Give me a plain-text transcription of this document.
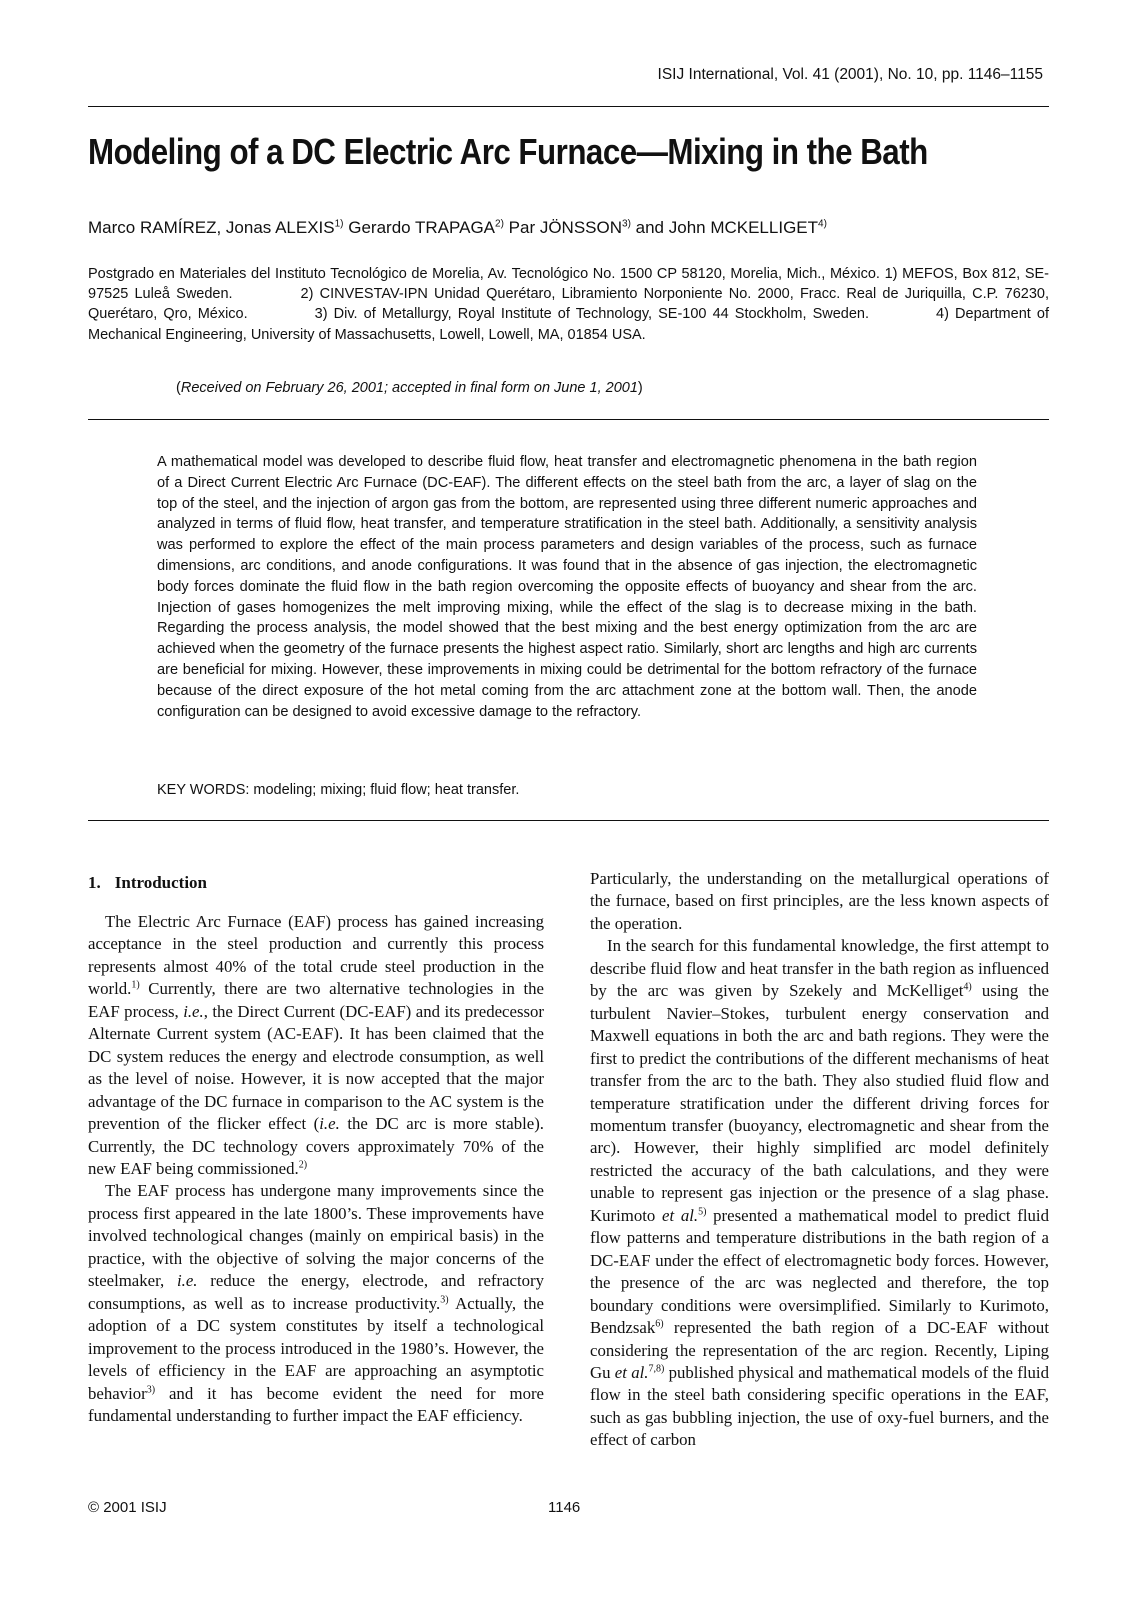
ISIJ International, Vol. 41 (2001), No. 10, pp. 1146–1155
Modeling of a DC Electric Arc Furnace—Mixing in the Bath
Marco RAMÍREZ, Jonas ALEXIS$^{1)}$ Gerardo TRAPAGA$^{2)}$ Par JÖNSSON$^{3)}$ and John MCKELLIGET$^{4)}$
Postgrado en Materiales del Instituto Tecnológico de Morelia, Av. Tecnológico No. 1500 CP 58120, Morelia, Mich., México. 1) MEFOS, Box 812, SE-97525 Luleå Sweden.	2) CINVESTAV-IPN Unidad Querétaro, Libramiento Norponiente No. 2000, Fracc. Real de Juriquilla, C.P. 76230, Querétaro, Qro, México.	3) Div. of Metallurgy, Royal Institute of Technology, SE-100 44 Stockholm, Sweden.	4) Department of Mechanical Engineering, University of Massachusetts, Lowell, Lowell, MA, 01854 USA.
(Received on February 26, 2001; accepted in final form on June 1, 2001)
A mathematical model was developed to describe fluid flow, heat transfer and electromagnetic phenomena in the bath region of a Direct Current Electric Arc Furnace (DC-EAF). The different effects on the steel bath from the arc, a layer of slag on the top of the steel, and the injection of argon gas from the bottom, are represented using three different numeric approaches and analyzed in terms of fluid flow, heat transfer, and temperature stratification in the steel bath. Additionally, a sensitivity analysis was performed to explore the effect of the main process parameters and design variables of the process, such as furnace dimensions, arc conditions, and anode configurations. It was found that in the absence of gas injection, the electromagnetic body forces dominate the fluid flow in the bath region overcoming the opposite effects of buoyancy and shear from the arc. Injection of gases homogenizes the melt improving mixing, while the effect of the slag is to decrease mixing in the bath. Regarding the process analysis, the model showed that the best mixing and the best energy optimization from the arc are achieved when the geometry of the furnace presents the highest aspect ratio. Similarly, short arc lengths and high arc currents are beneficial for mixing. However, these improvements in mixing could be detrimental for the bottom refractory of the furnace because of the direct exposure of the hot metal coming from the arc attachment zone at the bottom wall. Then, the anode configuration can be designed to avoid excessive damage to the refractory.
KEY WORDS: modeling; mixing; fluid flow; heat transfer.
1. Introduction

The Electric Arc Furnace (EAF) process has gained increasing acceptance in the steel production and currently this process represents almost 40% of the total crude steel production in the world.$^{1)}$ Currently, there are two alternative technologies in the EAF process, i.e., the Direct Current (DC-EAF) and its predecessor Alternate Current system (AC-EAF). It has been claimed that the DC system reduces the energy and electrode consumption, as well as the level of noise. However, it is now accepted that the major advantage of the DC furnace in comparison to the AC system is the prevention of the flicker effect (i.e. the DC arc is more stable). Currently, the DC technology covers approximately 70% of the new EAF being commissioned.$^{2)}$

The EAF process has undergone many improvements since the process first appeared in the late 1800’s. These improvements have involved technological changes (mainly on empirical basis) in the practice, with the objective of solving the major concerns of the steelmaker, i.e. reduce the energy, electrode, and refractory consumptions, as well as to increase productivity.$^{3)}$ Actually, the adoption of a DC system constitutes by itself a technological improvement to the process introduced in the 1980’s. However, the levels of efficiency in the EAF are approaching an asymptotic behavior$^{3)}$ and it has become evident the need for more fundamental understanding to further impact the EAF efficiency.

Particularly, the understanding on the metallurgical operations of the furnace, based on first principles, are the less known aspects of the operation.

In the search for this fundamental knowledge, the first attempt to describe fluid flow and heat transfer in the bath region as influenced by the arc was given by Szekely and McKelliget$^{4)}$ using the turbulent Navier–Stokes, turbulent energy conservation and Maxwell equations in both the arc and bath regions. They were the first to predict the contributions of the different mechanisms of heat transfer from the arc to the bath. They also studied fluid flow and temperature stratification under the different driving forces for momentum transfer (buoyancy, electromagnetic and shear from the arc). However, their highly simplified arc model definitely restricted the accuracy of the bath calculations, and they were unable to represent gas injection or the presence of a slag phase. Kurimoto et al.$^{5)}$ presented a mathematical model to predict fluid flow patterns and temperature distributions in the bath region of a DC-EAF under the effect of electromagnetic body forces. However, the presence of the arc was neglected and therefore, the top boundary conditions were oversimplified. Similarly to Kurimoto, Bendzsak$^{6)}$ represented the bath region of a DC-EAF without considering the representation of the arc region. Recently, Liping Gu et al.$^{7,8)}$ published physical and mathematical models of the fluid flow in the steel bath considering specific operations in the EAF, such as gas bubbling injection, the use of oxy-fuel burners, and the effect of carbon

© 2001 ISIJ	1146
